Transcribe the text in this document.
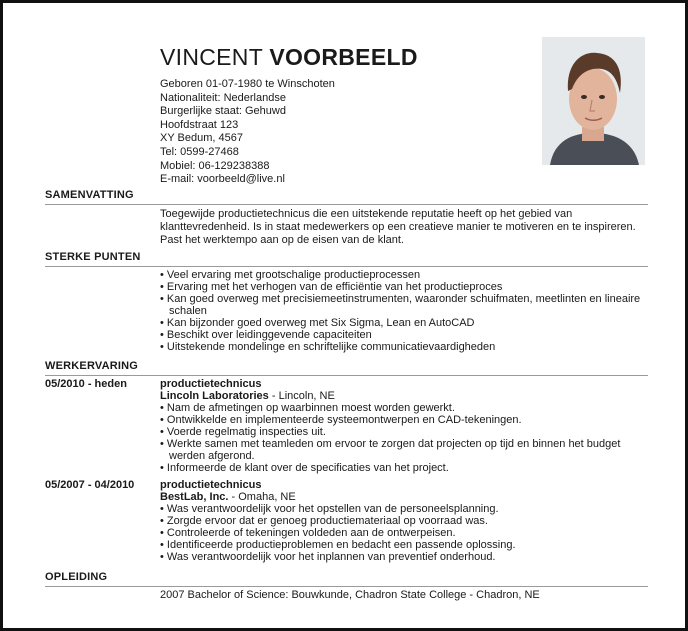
VINCENT VOORBEELD
Geboren 01-07-1980 te Winschoten
Nationaliteit: Nederlandse
Burgerlijke staat: Gehuwd
Hoofdstraat 123
XY Bedum, 4567
Tel: 0599-27468
Mobiel: 06-129238388
E-mail: voorbeeld@live.nl
SAMENVATTING
Toegewijde productietechnicus die een uitstekende reputatie heeft op het gebied van klanttevredenheid. Is in staat medewerkers op een creatieve manier te motiveren en te inspireren. Past het werktempo aan op de eisen van de klant.
STERKE PUNTEN
• Veel ervaring met grootschalige productieprocessen
• Ervaring met het verhogen van de efficiëntie van het productieproces
• Kan goed overweg met precisiemeetinstrumenten, waaronder schuifmaten, meetlinten en lineaire schalen
• Kan bijzonder goed overweg met Six Sigma, Lean en AutoCAD
• Beschikt over leidinggevende capaciteiten
• Uitstekende mondelinge en schriftelijke communicatievaardigheden
WERKERVARING
05/2010 - heden	productietechnicus
Lincoln Laboratories - Lincoln, NE
• Nam de afmetingen op waarbinnen moest worden gewerkt.
• Ontwikkelde en implementeerde systeemontwerpen en CAD-tekeningen.
• Voerde regelmatig inspecties uit.
• Werkte samen met teamleden om ervoor te zorgen dat projecten op tijd en binnen het budget werden afgerond.
• Informeerde de klant over de specificaties van het project.
05/2007 - 04/2010 productietechnicus
BestLab, Inc. - Omaha, NE
• Was verantwoordelijk voor het opstellen van de personeelsplanning.
• Zorgde ervoor dat er genoeg productiemateriaal op voorraad was.
• Controleerde of tekeningen voldeden aan de ontwerpeisen.
• Identificeerde productieproblemen en bedacht een passende oplossing.
• Was verantwoordelijk voor het inplannen van preventief onderhoud.
OPLEIDING
2007 Bachelor of Science: Bouwkunde, Chadron State College - Chadron, NE
